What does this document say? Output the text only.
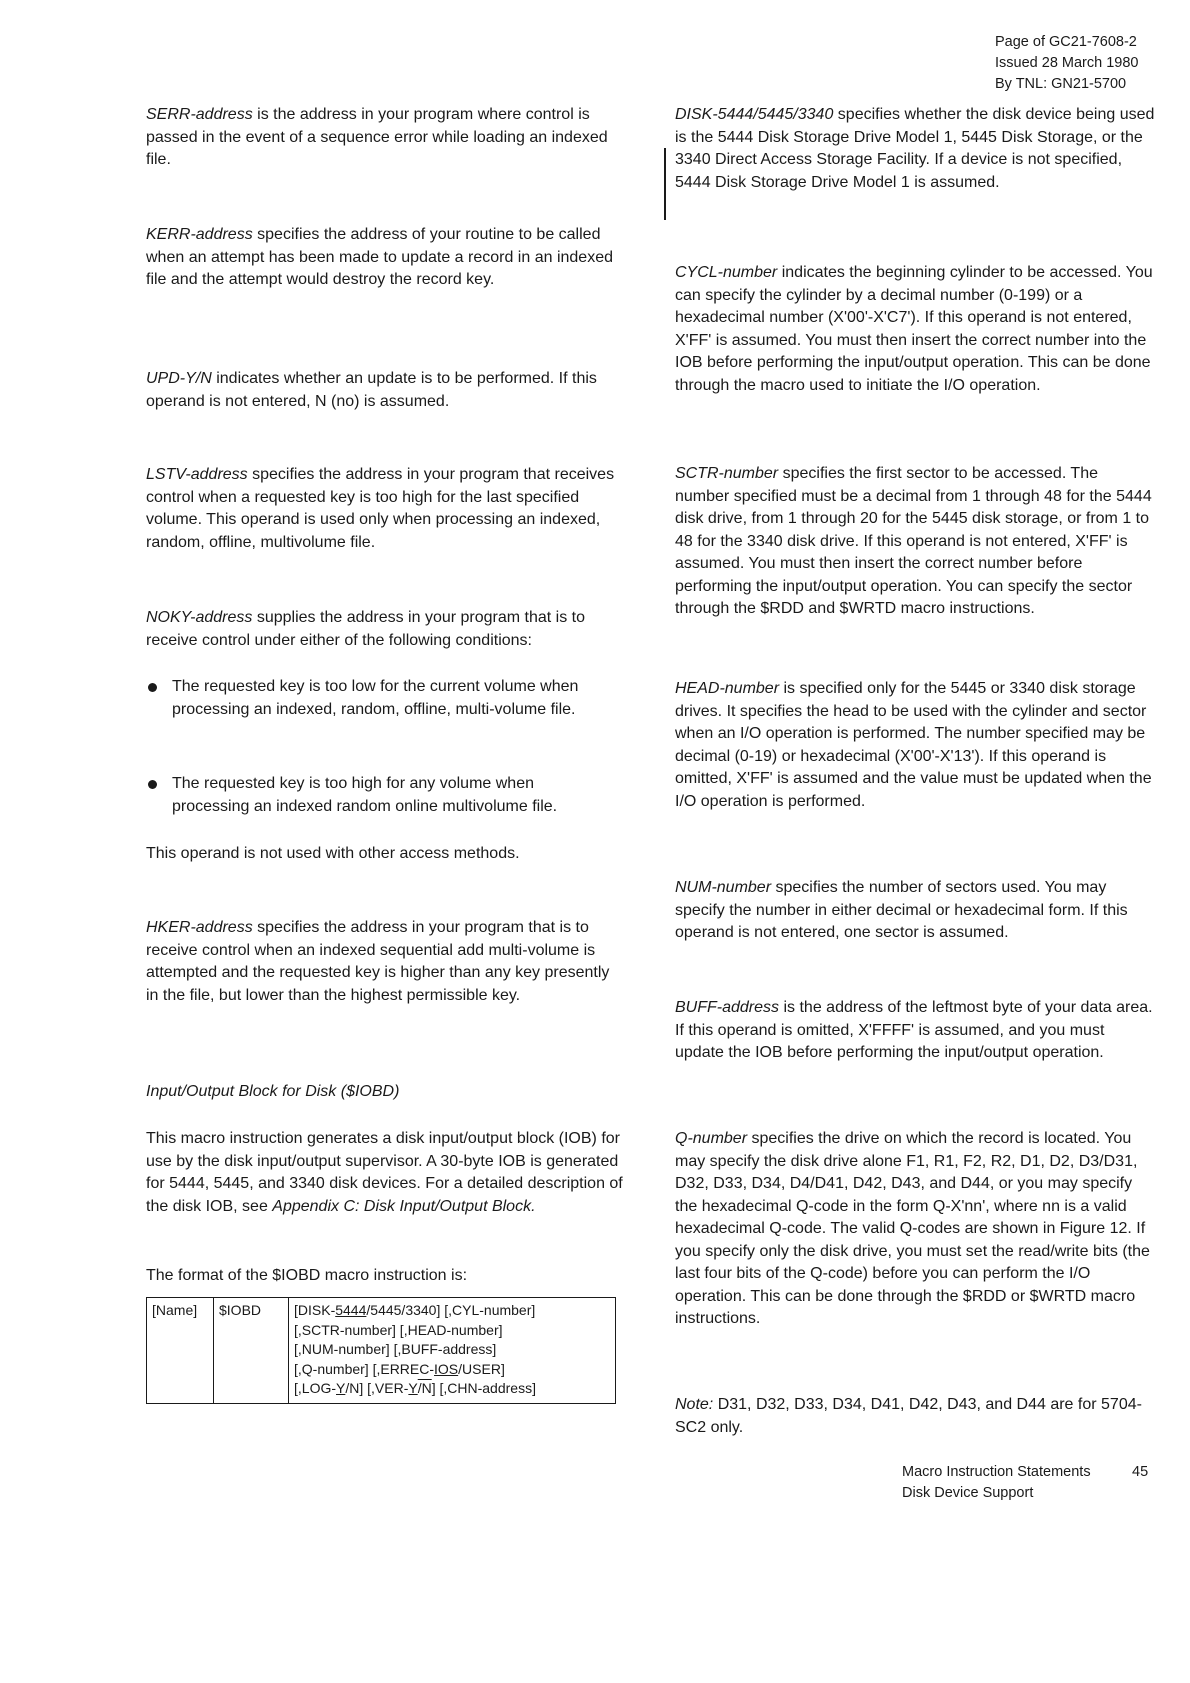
Page of GC21-7608-2
Issued 28 March 1980
By TNL: GN21-5700
SERR-address is the address in your program where control is passed in the event of a sequence error while loading an indexed file.
KERR-address specifies the address of your routine to be called when an attempt has been made to update a record in an indexed file and the attempt would destroy the record key.
UPD-Y/N indicates whether an update is to be performed. If this operand is not entered, N (no) is assumed.
LSTV-address specifies the address in your program that receives control when a requested key is too high for the last specified volume. This operand is used only when processing an indexed, random, offline, multivolume file.
NOKY-address supplies the address in your program that is to receive control under either of the following conditions:
The requested key is too low for the current volume when processing an indexed, random, offline, multi-volume file.
The requested key is too high for any volume when processing an indexed random online multivolume file.
This operand is not used with other access methods.
HKER-address specifies the address in your program that is to receive control when an indexed sequential add multi-volume is attempted and the requested key is higher than any key presently in the file, but lower than the highest permissible key.
Input/Output Block for Disk ($IOBD)
This macro instruction generates a disk input/output block (IOB) for use by the disk input/output supervisor. A 30-byte IOB is generated for 5444, 5445, and 3340 disk devices. For a detailed description of the disk IOB, see Appendix C: Disk Input/Output Block.
The format of the $IOBD macro instruction is:
[Name]	$IOBD	[DISK-5444/5445/3340] [,CYL-number]
[,SCTR-number] [,HEAD-number]
[,NUM-number] [,BUFF-address]
[,Q-number] [,ERREC-IOS/USER]
[,LOG-Y/N] [,VER-Y/N] [,CHN-address]
DISK-5444/5445/3340 specifies whether the disk device being used is the 5444 Disk Storage Drive Model 1, 5445 Disk Storage, or the 3340 Direct Access Storage Facility. If a device is not specified, 5444 Disk Storage Drive Model 1 is assumed.
CYCL-number indicates the beginning cylinder to be accessed. You can specify the cylinder by a decimal number (0-199) or a hexadecimal number (X'00'-X'C7'). If this operand is not entered, X'FF' is assumed. You must then insert the correct number into the IOB before performing the input/output operation. This can be done through the macro used to initiate the I/O operation.
SCTR-number specifies the first sector to be accessed. The number specified must be a decimal from 1 through 48 for the 5444 disk drive, from 1 through 20 for the 5445 disk storage, or from 1 to 48 for the 3340 disk drive. If this operand is not entered, X'FF' is assumed. You must then insert the correct number before performing the input/output operation. You can specify the sector through the $RDD and $WRTD macro instructions.
HEAD-number is specified only for the 5445 or 3340 disk storage drives. It specifies the head to be used with the cylinder and sector when an I/O operation is performed. The number specified may be decimal (0-19) or hexadecimal (X'00'-X'13'). If this operand is omitted, X'FF' is assumed and the value must be updated when the I/O operation is performed.
NUM-number specifies the number of sectors used. You may specify the number in either decimal or hexadecimal form. If this operand is not entered, one sector is assumed.
BUFF-address is the address of the leftmost byte of your data area. If this operand is omitted, X'FFFF' is assumed, and you must update the IOB before performing the input/output operation.
Q-number specifies the drive on which the record is located. You may specify the disk drive alone F1, R1, F2, R2, D1, D2, D3/D31, D32, D33, D34, D4/D41, D42, D43, and D44, or you may specify the hexadecimal Q-code in the form Q-X'nn', where nn is a valid hexadecimal Q-code. The valid Q-codes are shown in Figure 12. If you specify only the disk drive, you must set the read/write bits (the last four bits of the Q-code) before you can perform the I/O operation. This can be done through the $RDD or $WRTD macro instructions.
Note: D31, D32, D33, D34, D41, D42, D43, and D44 are for 5704-SC2 only.
Macro Instruction Statements
Disk Device Support
45
